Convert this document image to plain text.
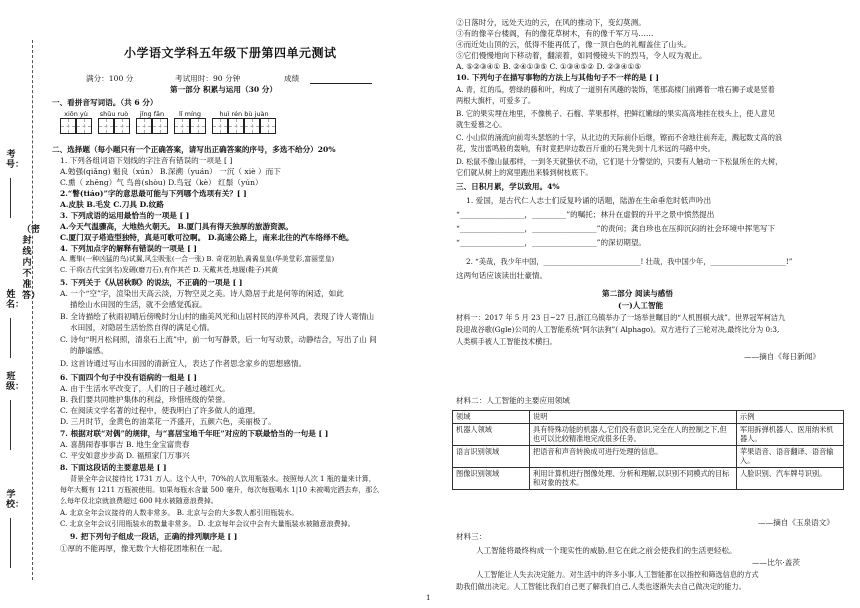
考号：
姓名：
班级：
学校：
（密 封 线 内 不 准 答）
小学语文学科五年级下册第四单元测试
满分：100 分	考试用时：90 分钟	成绩
第一部分 积累与运用（30 分）
一、看拼音写词语。（共 6 分）
xiōn yù shǔu ruò jǐng fān lǐ míng	huì rén bù juàn
二、选择题（每小题只有一个正确答案，请写出正确答案的序号，多选不给分）20%
1. 下列各组词语下划线的字注音有错误的一项是 [ ]
A.勉强(qiǎng) 魁良（xún） B.深溯（yuán） 一沉（ xiè ）而下
C.熏（ zhēng）气 鸟兽(shòu) D.鸟冠（kè） 红鬃（yún）
2.“瞥(tiáo)”字的意思最可能与下列哪个选项有关？[ ]
A.皮肤 B.毛发 C.刀具 D.纹路
3. 下列成语的运用最恰当的一项是 [ ]
A.今天气温骤高，大地热火朝天。 B.厦门具有得天独厚的旅游资源。
C.厦门双子塔造型独特，真是可歌可泣啊。 D.高速公路上，南来北往的汽车络绎不绝。
4. 下列加点字的解释有错误的一项是 [ ]
A. 鹰隼(一种凶猛的鸟)试翼,风尘吸张(一合一张) B. 奇花初胎,矞矞皇皇(华美堂彩,富丽堂皇)
C. 干将(古代宝剑名)发硎(磨刀石),有作其芒 D. 天戴其苍,地履(鞋子)其黄
5. 下列关于《从居秋暝》的说法，不正确的一项是 [ ]
A. 一个“空”字，渲染出天高云淡，万物空灵之美。诗人隐居于此是何等的闲适，如此
描绘山水田园的生活，就不会感觉孤寂。
B. 全诗描绘了秋雨初晴后傍晚时分山村的幽美风光和山居村民的淳朴风尚，表现了诗人寄情山
水田园，对隐居生活怡然自得的满足心情。
C. 诗句“明月松间照，清泉石上流”中，前一句写静景，后一句写动景，动静结合，写出了山 间
的静谧感。
D. 这首诗通过写山水田园的清新宜人，表达了作者思念家乡的思想感情。
6. 下面四个句子中没有语病的一组是 [ ]
A. 由于生活水平改变了，人们的日子越过越红火。
B. 我们要共同维护集体的利益，珍惜班级的荣誉。
C. 在阅读文学名著的过程中，使我明白了许多做人的道理。
D. 三月时节，金黄色的油菜花一齐盛开，五颜六色，美丽极了。
7. 根据对联“对偶”的规律，与“喜居宝地千年旺”对应的下联最恰当的一句是 [ ]
A. 喜鹊闹春事事吉 B. 地生金宝富贵春
C. 平安如意步步高 D. 福照家门万事兴
8. 下面这段话的主要意思是 [ ]
背景全年会议接待比 1731 万人。这个人中，70%的人饮用瓶装水。按照每人次 1 瓶的量来计算，
每年大概有 1211 万瓶被使用。如果每瓶水含量 500 毫升，每次每瓶喝水 1|10 未被喝完洒去弃，那么
么每年仅北京就浪费超过 600 吨水被随意浪费掉。
A. 北京全年会议接待的人数非常多。 B. 北京与会的大多数人都引用瓶装水。
C. 北京全年会议引用瓶装水的数量非常多。 D. 北京每年会议中会有大量瓶装水被随意浪费掉。
9. 把下列句子组成一段话，正确的排列顺序是 [ ]
①厚的不能再厚，像无数个大榕花团堆积在一起。
②日落时分，远处天边的云，在风的推动下，变幻莫测。
③有的像辛台楼阁，有的像花草树木，有的像千军万马……
④而近处山顶的云，低得不能再低了，像一顶白色的礼帽盖住了山头。
⑤它们慢慢地向下移动着，翻滚着，如同慢镜头下的烈马，令人叹为观止。
A. ⑤②③④① B. ②④①③⑤ C. ①③④⑤② D. ②③④①⑤
10. 下列句子在描写事物的方法上与其他句子不一样的是 [ ]
A. 青，红的瓜，碧绿的藤和叶，构成了一道别有风趣的装饰，笔那高楼门前蹲着一堆石狮子或是竖着
两根大旗杆，可爱多了。
B. 它的果实埋在地里，不像桃子、石榴、苹果那样，把鲜红嫩绿的果实高高地挂在枝头上，使人意见
就生爱慕之心。
C. 小山似的涌流向前弯头瑟悠的十字，从北边的天际前仆后继，镲而不舍地往前奔走，溅起数丈高的浪
花，发出雷鸣般的轰响，有时竟把岸边数百斤重的石凳先到十几米远的马路中央。
D. 松鼠不像山鼠那样，一到冬天就蛰伏不动，它们是十分警觉的，只要有人触动一下松鼠所在的大树，
它们就从树上的窝里跑出来躲到树枝底下。
三、日积月累，学以致用。4%
1. 爱国，是古代仁人志士们反复吟诵的话题，陆游在生命垂危时低声吟出
“_________________，_________”的嘱托；林升在虚假的升平之景中愤然提出
“_________________，_________________”的责问；龚自珍也在压抑沉闷的社会环境中挥笔写下
“_________________，_________________”的深切期望。
2. “美哉，我少年中国，___________________________! 壮哉，我中国少年，_____________________!”
这两句话应该读出壮豪情。
第二部分 阅读与感悟
(一)人工智能
材料一：2017 年 5 月 23 日~27 日,浙江乌镇举办了一场举世瞩目的“人机围棋大战”。世界冠军柯洁九
段迎战谷歌(Ggle)公司的人工智能系统“阿尔法狗”( Alphago)。双方进行了三轮对决,最终比分为 0:3,
人类棋手被人工智能技术横扫。
——摘自《每日新闻》
材料二：人工智能的主要应用领域
领域	说明	示例
机器人领域	具有特殊功能的机器人,它们没有意识,完全在人的控制之下,但也可以比较精准地完成很多任务。	军用拆弹机器人、医用纳米机器人。
语言识别领域	把语音和声音转换成可进行处理的信息。	苹果语音、语音翻译、语音输入。
图像识别领域	利用计算机进行图像处理、分析和理解,以识别不同模式的目标和对象的技术。	人脸识别、汽车牌号识别。
——摘自《玉泉语文》
材料三：
人工智能将最终构成一个现实性的威胁,但它在此之前会使我们的生活更轻松。
——比尔·盖茨
人工智能让人失去决定能力。对生活中的许多小事,人工智能都在以指控和筛选信息的方式
助我们做出决定。人工智能比我们自己更了解我们自己,人类也逐渐失去自己做决定的能力。
1
